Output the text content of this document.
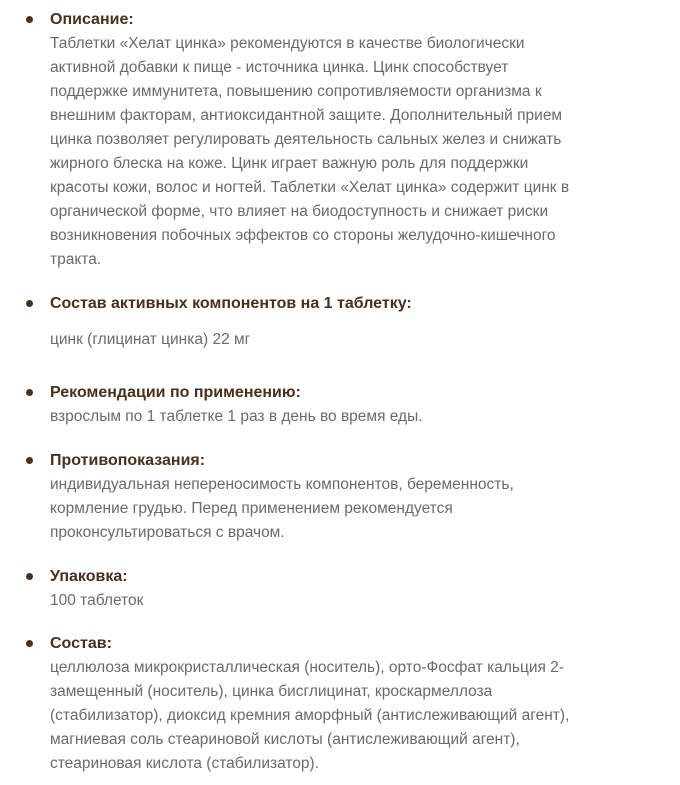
Описание:
Таблетки «Хелат цинка» рекомендуются в качестве биологически
активной добавки к пище - источника цинка. Цинк способствует
поддержке иммунитета, повышению сопротивляемости организма к
внешним факторам, антиоксидантной защите. Дополнительный прием
цинка позволяет регулировать деятельность сальных желез и снижать
жирного блеска на коже. Цинк играет важную роль для поддержки
красоты кожи, волос и ногтей. Таблетки «Хелат цинка» содержит цинк в
органической форме, что влияет на биодоступность и снижает риски
возникновения побочных эффектов со стороны желудочно-кишечного
тракта.
Состав активных компонентов на 1 таблетку:
цинк (глицинат цинка) 22 мг
Рекомендации по применению:
взрослым по 1 таблетке 1 раз в день во время еды.
Противопоказания:
индивидуальная непереносимость компонентов, беременность,
кормление грудью. Перед применением рекомендуется
проконсультироваться с врачом.
Упаковка:
100 таблеток
Состав:
целлюлоза микрокристаллическая (носитель), орто-Фосфат кальция 2-
замещенный (носитель), цинка бисглицинат, кроскармеллоза
(стабилизатор), диоксид кремния аморфный (антислеживающий агент),
магниевая соль стеариновой кислоты (антислеживающий агент),
стеариновая кислота (стабилизатор).
